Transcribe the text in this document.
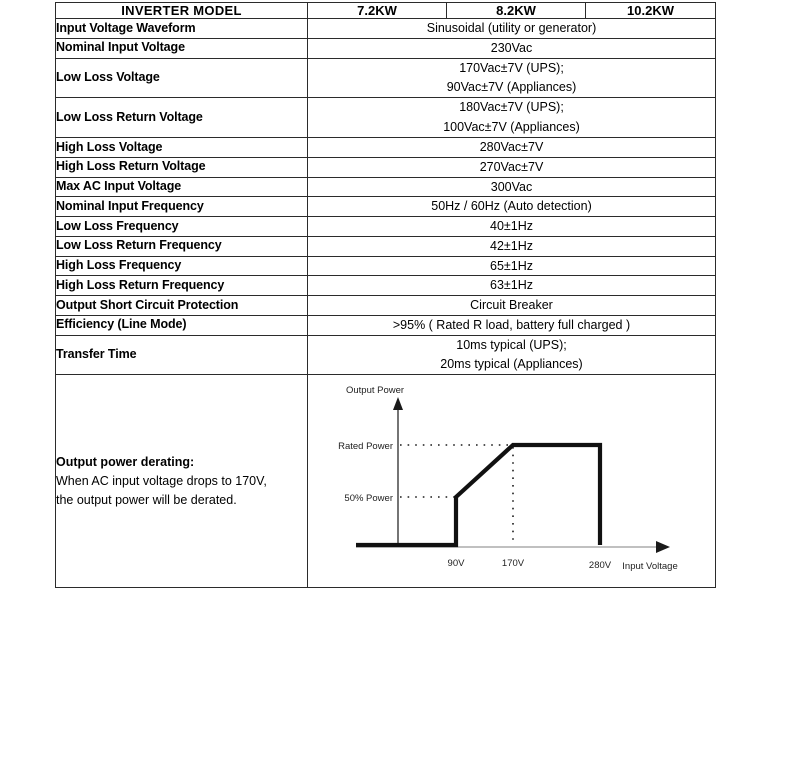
INVERTER MODEL	7.2KW	8.2KW	10.2KW
Input Voltage Waveform	Sinusoidal (utility or generator)		
Nominal Input Voltage	230Vac		
Low Loss Voltage	170Vac±7V (UPS);
90Vac±7V (Appliances)		

Low Loss Return Voltage	180Vac±7V (UPS);
100Vac±7V (Appliances)		

High Loss Voltage	280Vac±7V		
High Loss Return Voltage	270Vac±7V		
Max AC Input Voltage	300Vac		
Nominal Input Frequency	50Hz / 60Hz (Auto detection)		
Low Loss Frequency	40±1Hz		
Low Loss Return Frequency	42±1Hz		
High Loss Frequency	65±1Hz		
High Loss Return Frequency	63±1Hz		
Output Short Circuit Protection	Circuit Breaker		
Efficiency (Line Mode)	>95% ( Rated R load, battery full charged )		
Transfer Time	10ms typical (UPS);
20ms typical (Appliances)		

Output power derating:
When AC input voltage drops to 170V,
the output power will be derated.

Output Power
Rated Power
50% Power
90V	170V	280V Input Voltage
